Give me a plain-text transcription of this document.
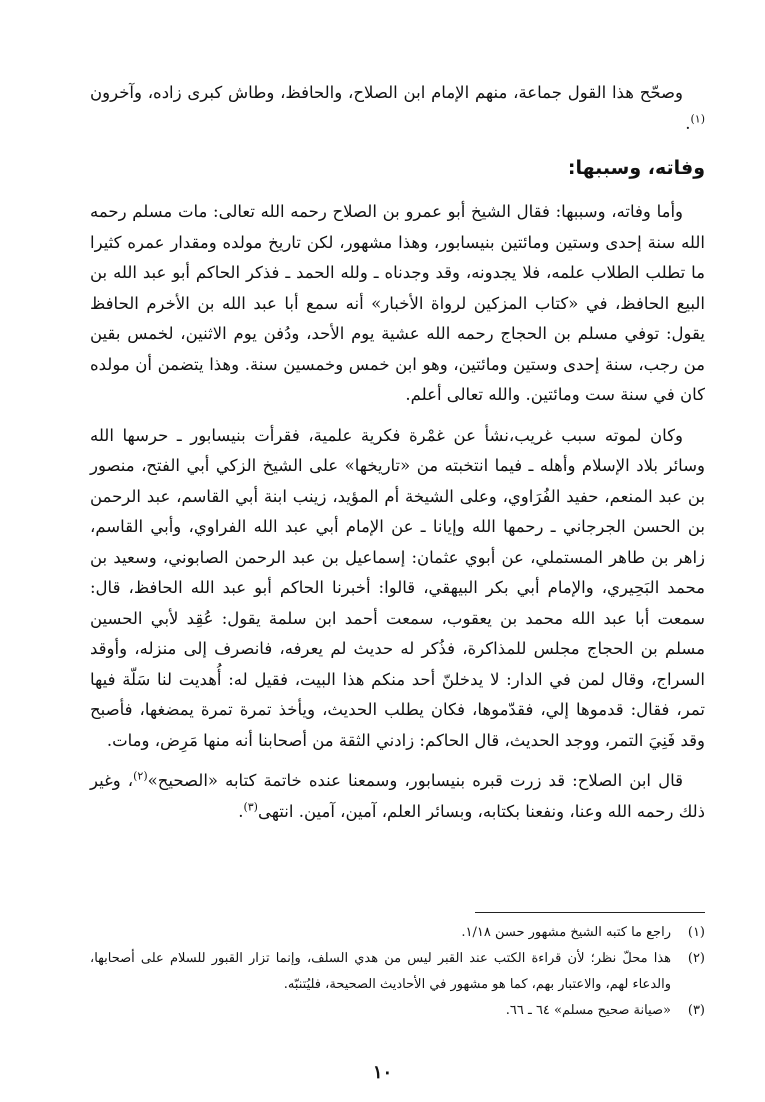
وصحّح هذا القول جماعة، منهم الإمام ابن الصلاح، والحافظ، وطاش كبرى زاده، وآخرون $^{(١)}$.

وفاته، وسببها:

وأما وفاته، وسببها: فقال الشيخ أبو عمرو بن الصلاح رحمه الله تعالى: مات مسلم رحمه الله سنة إحدى وستين ومائتين بنيسابور، وهذا مشهور، لكن تاريخ مولده ومقدار عمره كثيرا ما تطلب الطلاب علمه، فلا يجدونه، وقد وجدناه ـ ولله الحمد ـ فذكر الحاكم أبو عبد الله بن البيع الحافظ، في «كتاب المزكين لرواة الأخبار» أنه سمع أبا عبد الله بن الأخرم الحافظ يقول: توفي مسلم بن الحجاج رحمه الله عشية يوم الأحد، ودُفن يوم الاثنين، لخمس بقين من رجب، سنة إحدى وستين ومائتين، وهو ابن خمس وخمسين سنة. وهذا يتضمن أن مولده كان في سنة ست ومائتين. والله تعالى أعلم.

وكان لموته سبب غريب،نشأ عن غمْرة فكرية علمية، فقرأت بنيسابور ـ حرسها الله وسائر بلاد الإسلام وأهله ـ فيما انتخبته من «تاريخها» على الشيخ الزكي أبي الفتح، منصور بن عبد المنعم، حفيد الفُرَاوي، وعلى الشيخة أم المؤيد، زينب ابنة أبي القاسم، عبد الرحمن بن الحسن الجرجاني ـ رحمها الله وإيانا ـ عن الإمام أبي عبد الله الفراوي، وأبي القاسم، زاهر بن طاهر المستملي، عن أبوي عثمان: إسماعيل بن عبد الرحمن الصابوني، وسعيد بن محمد البَحِيري، والإمام أبي بكر البيهقي، قالوا: أخبرنا الحاكم أبو عبد الله الحافظ، قال: سمعت أبا عبد الله محمد بن يعقوب، سمعت أحمد ابن سلمة يقول: عُقِد لأبي الحسين مسلم بن الحجاج مجلس للمذاكرة، فذُكر له حديث لم يعرفه، فانصرف إلى منزله، وأوقد السراج، وقال لمن في الدار: لا يدخلنّ أحد منكم هذا البيت، فقيل له: أُهديت لنا سَلّة فيها تمر، فقال: قدموها إلي، فقدّموها، فكان يطلب الحديث، ويأخذ تمرة تمرة يمضغها، فأصبح وقد فَنِيَ التمر، ووجد الحديث، قال الحاكم: زادني الثقة من أصحابنا أنه منها مَرِض، ومات.

قال ابن الصلاح: قد زرت قبره بنيسابور، وسمعنا عنده خاتمة كتابه «الصحيح»$^{(٢)}$، وغير ذلك رحمه الله وعنا، ونفعنا بكتابه، وبسائر العلم، آمين، آمين. انتهى$^{(٣)}$.

(١)
راجع ما كتبه الشيخ مشهور حسن ١/١٨.
(٢)
هذا محلّ نظر؛ لأن قراءة الكتب عند القبر ليس من هدي السلف، وإنما تزار القبور للسلام على أصحابها، والدعاء لهم، والاعتبار بهم، كما هو مشهور في الأحاديث الصحيحة، فليُتنبّه.
(٣)
«صيانة صحيح مسلم» ٦٤ ـ ٦٦.
١٠
